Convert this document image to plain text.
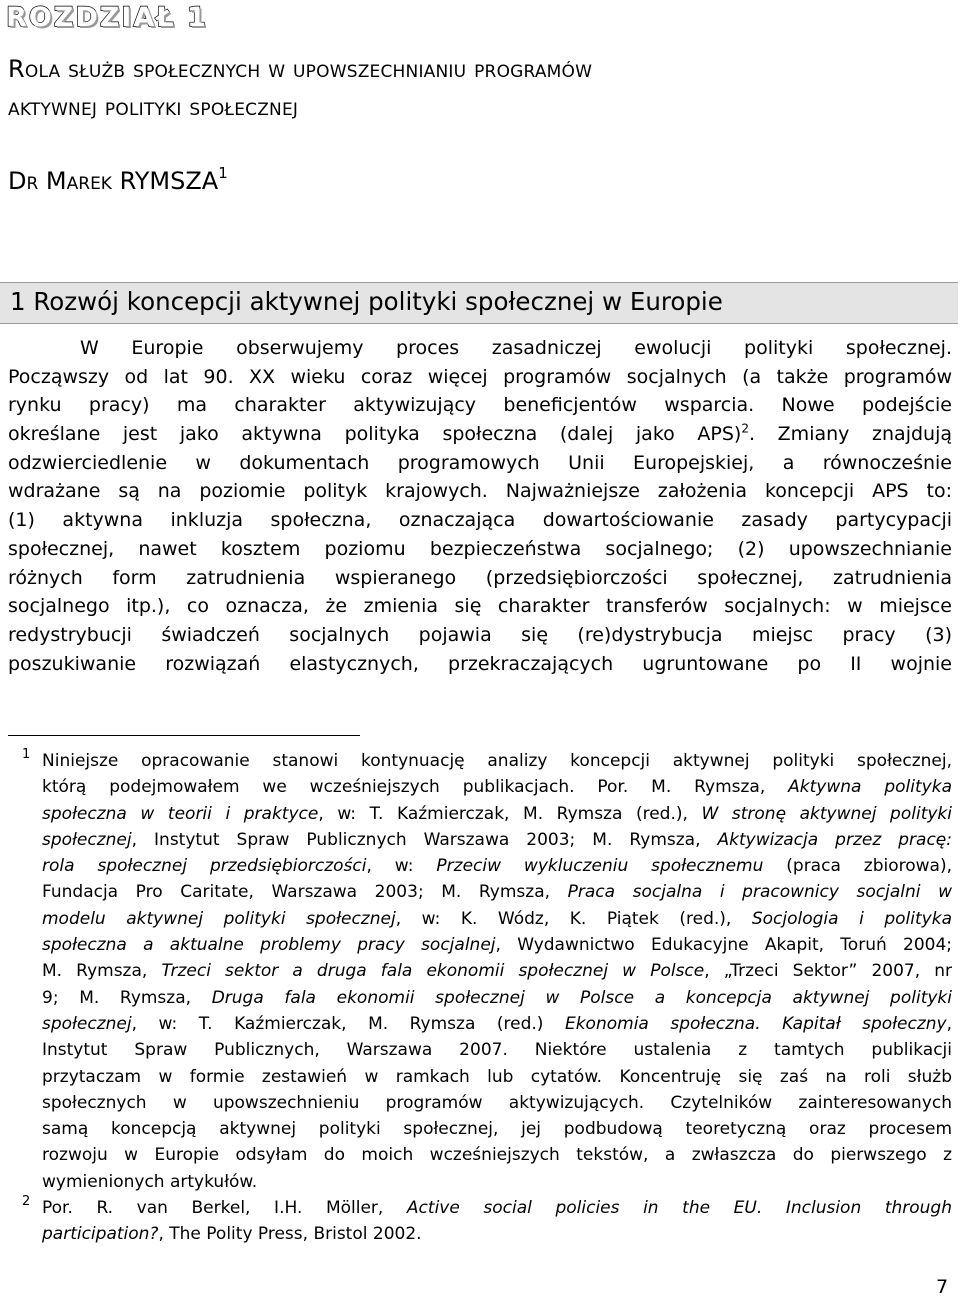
ROZDZIAŁ 1
Rola służb społecznych w upowszechnianiu programów
aktywnej polityki społecznej
Dr Marek RYMSZA$^1$
1 Rozwój koncepcji aktywnej polityki społecznej w Europie
W Europie obserwujemy proces zasadniczej ewolucji polityki społecznej.
Począwszy od lat 90. XX wieku coraz więcej programów socjalnych (a także programów
rynku pracy) ma charakter aktywizujący beneficjentów wsparcia. Nowe podejście
określane jest jako aktywna polityka społeczna (dalej jako APS)$^2$. Zmiany znajdują
odzwierciedlenie w dokumentach programowych Unii Europejskiej, a równocześnie
wdrażane są na poziomie polityk krajowych. Najważniejsze założenia koncepcji APS to:
(1) aktywna inkluzja społeczna, oznaczająca dowartościowanie zasady partycypacji
społecznej, nawet kosztem poziomu bezpieczeństwa socjalnego; (2) upowszechnianie
różnych form zatrudnienia wspieranego (przedsiębiorczości społecznej, zatrudnienia
socjalnego itp.), co oznacza, że zmienia się charakter transferów socjalnych: w miejsce
redystrybucji świadczeń socjalnych pojawia się (re)dystrybucja miejsc pracy (3)
poszukiwanie rozwiązań elastycznych, przekraczających ugruntowane po II wojnie
1 Niniejsze opracowanie stanowi kontynuację analizy koncepcji aktywnej polityki społecznej,
którą podejmowałem we wcześniejszych publikacjach. Por. M. Rymsza, Aktywna polityka
społeczna w teorii i praktyce, w: T. Kaźmierczak, M. Rymsza (red.), W stronę aktywnej polityki
społecznej, Instytut Spraw Publicznych Warszawa 2003; M. Rymsza, Aktywizacja przez pracę:
rola społecznej przedsiębiorczości, w: Przeciw wykluczeniu społecznemu (praca zbiorowa),
Fundacja Pro Caritate, Warszawa 2003; M. Rymsza, Praca socjalna i pracownicy socjalni w
modelu aktywnej polityki społecznej, w: K. Wódz, K. Piątek (red.), Socjologia i polityka
społeczna a aktualne problemy pracy socjalnej, Wydawnictwo Edukacyjne Akapit, Toruń 2004;
M. Rymsza, Trzeci sektor a druga fala ekonomii społecznej w Polsce, „Trzeci Sektor” 2007, nr
9; M. Rymsza, Druga fala ekonomii społecznej w Polsce a koncepcja aktywnej polityki
społecznej, w: T. Kaźmierczak, M. Rymsza (red.) Ekonomia społeczna. Kapitał społeczny,
Instytut Spraw Publicznych, Warszawa 2007. Niektóre ustalenia z tamtych publikacji
przytaczam w formie zestawień w ramkach lub cytatów. Koncentruję się zaś na roli służb
społecznych w upowszechnieniu programów aktywizujących. Czytelników zainteresowanych
samą koncepcją aktywnej polityki społecznej, jej podbudową teoretyczną oraz procesem
rozwoju w Europie odsyłam do moich wcześniejszych tekstów, a zwłaszcza do pierwszego z
wymienionych artykułów.
2 Por. R. van Berkel, I.H. Möller, Active social policies in the EU. Inclusion through
participation?, The Polity Press, Bristol 2002.
7
